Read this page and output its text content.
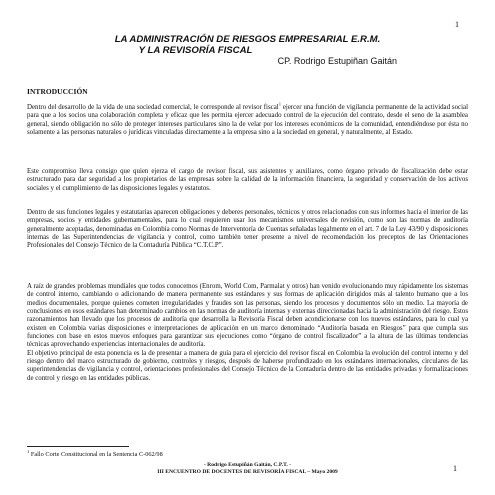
1
LA ADMINISTRACIÓN DE RIESGOS EMPRESARIAL E.R.M.
Y LA REVISORÍA FISCAL
CP. Rodrigo Estupiñan Gaitán
INTRODUCCIÓN

Dentro del desarrollo de la vida de una sociedad comercial, le corresponde al revisor fiscal$^1$ ejercer una función de vigilancia permanente de la actividad social para que a los socios una colaboración completa y eficaz que les permita ejercer adecuado control de la ejecución del contrato, desde el seno de la asamblea general, siendo obligación no sólo de proteger intereses particulares sino la de velar por los intereses económicos de la comunidad, entendiéndose por ésta no solamente a las personas naturales o jurídicas vinculadas directamente a la empresa sino a la sociedad en general, y naturalmente, al Estado.

Este compromiso lleva consigo que quien ejerza el cargo de revisor fiscal, sus asistentes y auxiliares, como órgano privado de fiscalización debe estar estructurado para dar seguridad a los propietarios de las empresas sobre la calidad de la información financiera, la seguridad y conservación de los activos sociales y el cumplimiento de las disposiciones legales y estatutos.

Dentro de sus funciones legales y estatutarias aparecen obligaciones y deberes personales, técnicos y otros relacionados con sus informes hacia el interior de las empresas, socios y entidades gubernamentales, para lo cual requieren usar los mecanismos universales de revisión, como son las normas de auditoría generalmente aceptadas, denominadas en Colombia como Normas de Interventoría de Cuentas señaladas legalmente en el art. 7 de la Ley 43/90 y disposiciones internas de las Superintendencias de vigilancia y control, como también tener presente a nivel de recomendación los preceptos de las Orientaciones Profesionales del Consejo Técnico de la Contaduría Pública “C.T.C.P”.

A raíz de grandes problemas mundiales que todos conocemos (Enrom, World Com, Parmalat y otros) han venido evolucionando muy rápidamente los sistemas de control interno, cambiando o adicionando de manera permanente sus estándares y sus formas de aplicación dirigidos más al talento humano que a los medios documentales, porque quienes cometen irregularidades y fraudes son las personas, siendo los procesos y documentos sólo un medio. La mayoría de conclusiones en esos estándares han determinado cambios en las normas de auditoría internas y externas direccionadas hacia la administración del riesgo. Estos razonamientos han llevado que los procesos de auditoría que desarrolla la Revisoría Fiscal deben acondicionarse con los nuevos estándares, para lo cual ya existen en Colombia varias disposiciones e interpretaciones de aplicación en un marco denominado “Auditoría basada en Riesgos” para que cumpla sus funciones con base en estos nuevos enfoques para garantizar sus ejecuciones como “órgano de control fiscalizador” a la altura de las últimas tendencias técnicas aprovechando experiencias internacionales de auditoría.

El objetivo principal de esta ponencia es la de presentar a manera de guía para el ejercicio del revisor fiscal en Colombia la evolución del control interno y del riesgo dentro del marco estructurado de gobierno, controles y riesgos, después de haberse profundizado en los estándares internacionales, circulares de las superintendencias de vigilancia y control, orientaciones profesionales del Consejo Técnico de la Contaduría dentro de las entidades privadas y formalizaciones de control y riesgo en las entidades públicas.

$^1$ Fallo Corte Constitucional en la Sentencia C-062/98
- Rodrigo Estupiñán Gaitán, C.P.T. -
III ENCUENTRO DE DOCENTES DE REVISORÍA FISCAL – Mayo 2009	1
